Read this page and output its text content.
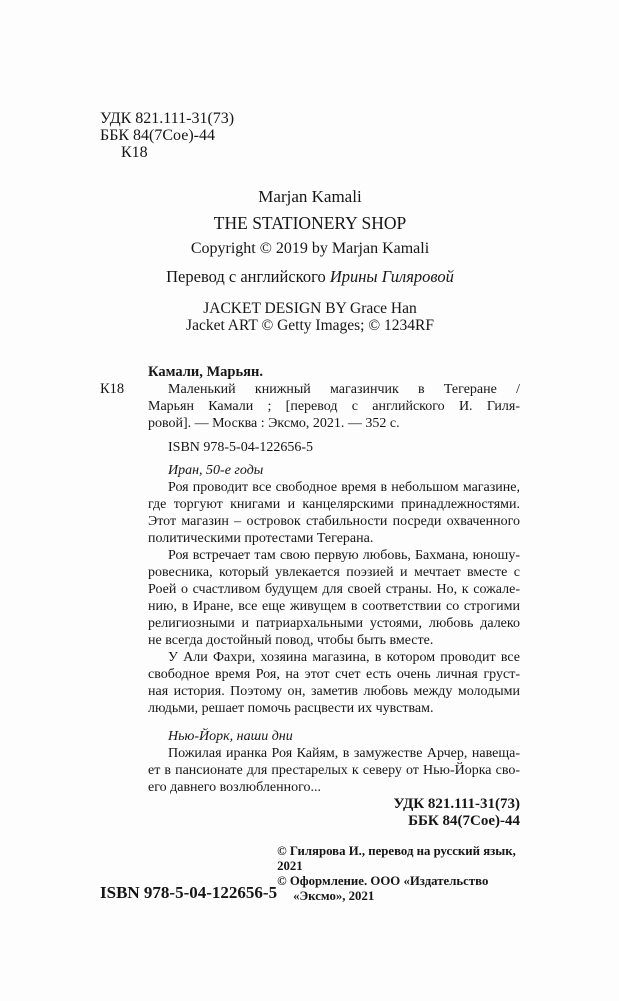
УДК 821.111-31(73)
ББК 84(7Сое)-44
К18
Marjan Kamali
THE STATIONERY SHOP
Copyright © 2019 by Marjan Kamali
Перевод с английского Ирины Гиляровой
JACKET DESIGN BY Grace Han
Jacket ART © Getty Images; © 1234RF
Камали, Марьян.
К18	Маленький книжный магазинчик в Тегеране /
Марьян Камали ; [перевод с английского И. Гиля-
ровой]. — Москва : Эксмо, 2021. — 352 с.
ISBN 978-5-04-122656-5
Иран, 50-е годы
Роя проводит все свободное время в небольшом магазине,
где торгуют книгами и канцелярскими принадлежностями.
Этот магазин – островок стабильности посреди охваченного
политическими протестами Тегерана.
Роя встречает там свою первую любовь, Бахмана, юношу-
ровесника, который увлекается поэзией и мечтает вместе с
Роей о счастливом будущем для своей страны. Но, к сожале-
нию, в Иране, все еще живущем в соответствии со строгими
религиозными и патриархальными устоями, любовь далеко
не всегда достойный повод, чтобы быть вместе.
У Али Фахри, хозяина магазина, в котором проводит все
свободное время Роя, на этот счет есть очень личная груст-
ная история. Поэтому он, заметив любовь между молодыми
людьми, решает помочь расцвести их чувствам.
Нью-Йорк, наши дни
Пожилая иранка Роя Кайям, в замужестве Арчер, навеща-
ет в пансионате для престарелых к северу от Нью-Йорка сво-
его давнего возлюбленного...
УДК 821.111-31(73)
ББК 84(7Сое)-44
ISBN 978-5-04-122656-5
© Гилярова И., перевод на русский язык, 2021
© Оформление. ООО «Издательство
«Эксмо», 2021
